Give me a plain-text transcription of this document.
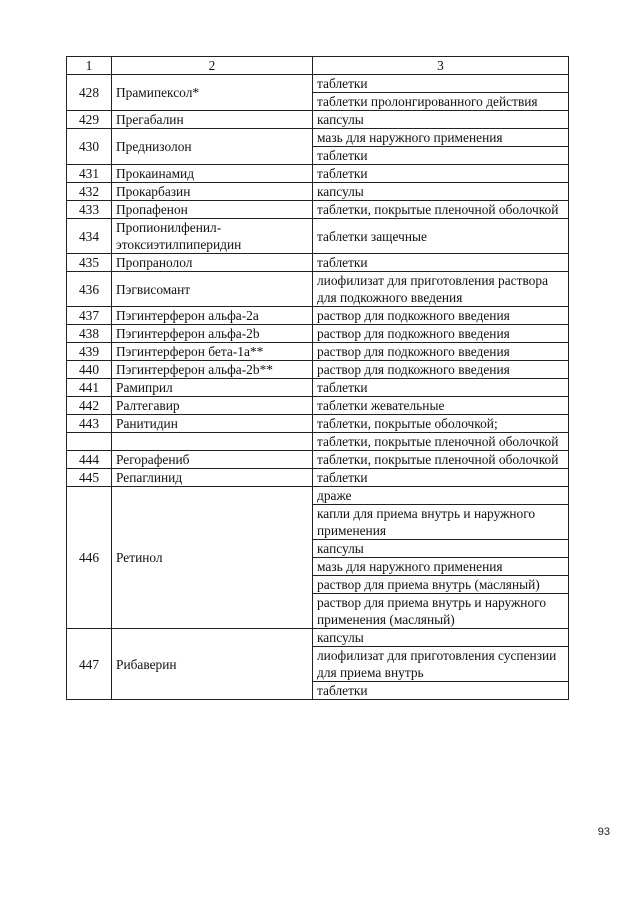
1	2	3
428	Прамипексол*	таблетки
		таблетки пролонгированного действия
429	Прегабалин	капсулы
430	Преднизолон	мазь для наружного применения
		таблетки
431	Прокаинамид	таблетки
432	Прокарбазин	капсулы
433	Пропафенон	таблетки, покрытые пленочной оболочкой
434	Пропионилфенил-этоксиэтилпиперидин	таблетки защечные
435	Пропранолол	таблетки
436	Пэгвисомант	лиофилизат для приготовления раствора для подкожного введения
437	Пэгинтерферон альфа-2а	раствор для подкожного введения
438	Пэгинтерферон альфа-2b	раствор для подкожного введения
439	Пэгинтерферон бета-1а**	раствор для подкожного введения
440	Пэгинтерферон альфа-2b**	раствор для подкожного введения
441	Рамиприл	таблетки
442	Ралтегавир	таблетки жевательные
443	Ранитидин	таблетки, покрытые оболочкой;
		таблетки, покрытые пленочной оболочкой
444	Регорафениб	таблетки, покрытые пленочной оболочкой
445	Репаглинид	таблетки
446	Ретинол	драже
		капли для приема внутрь и наружного применения
		капсулы
		мазь для наружного применения
		раствор для приема внутрь (масляный)
		раствор для приема внутрь и наружного применения (масляный)
447	Рибаверин	капсулы
		лиофилизат для приготовления суспензии для приема внутрь
		таблетки
93
